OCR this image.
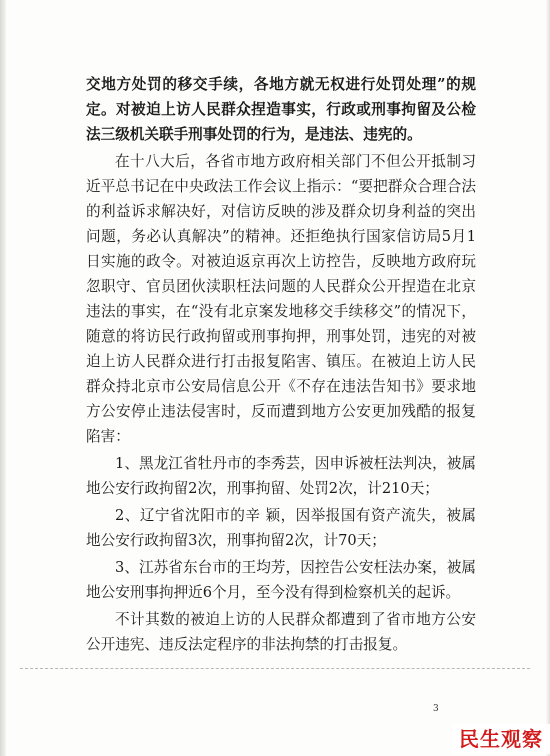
交地方处罚的移交手续，各地方就无权进行处罚处理”的规定。对被迫上访人民群众捏造事实，行政或刑事拘留及公检法三级机关联手刑事处罚的行为，是违法、违宪的。

在十八大后，各省市地方政府相关部门不但公开抵制习近平总书记在中央政法工作会议上指示：“要把群众合理合法的利益诉求解决好，对信访反映的涉及群众切身利益的突出问题，务必认真解决”的精神。还拒绝执行国家信访局5月1日实施的政令。对被迫返京再次上访控告，反映地方政府玩忽职守、官员团伙渎职枉法问题的人民群众公开捏造在北京违法的事实，在“没有北京案发地移交手续移交”的情况下，随意的将访民行政拘留或刑事拘押，刑事处罚，违宪的对被迫上访人民群众进行打击报复陷害、镇压。在被迫上访人民群众持北京市公安局信息公开《不存在违法告知书》要求地方公安停止违法侵害时，反而遭到地方公安更加残酷的报复陷害：

1、黑龙江省牡丹市的李秀芸，因申诉被枉法判决，被属地公安行政拘留2次，刑事拘留、处罚2次，计210天；

2、辽宁省沈阳市的辛 颖，因举报国有资产流失，被属地公安行政拘留3次，刑事拘留2次，计70天；

3、江苏省东台市的王均芳，因控告公安枉法办案，被属地公安刑事拘押近6个月，至今没有得到检察机关的起诉。

不计其数的被迫上访的人民群众都遭到了省市地方公安公开违宪、违反法定程序的非法拘禁的打击报复。

3
民生观察
